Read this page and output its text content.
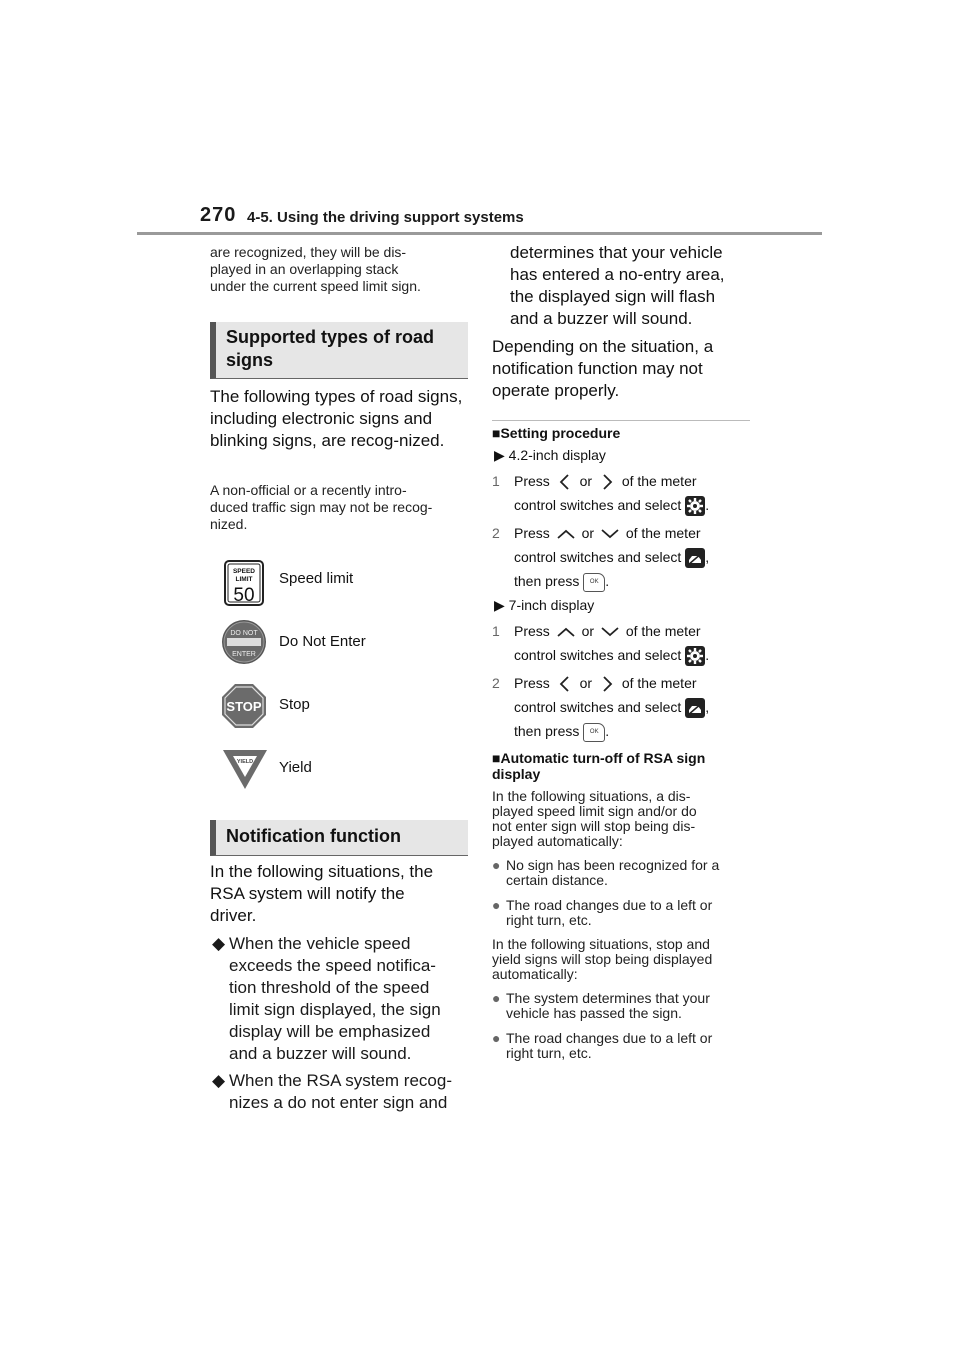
270 4-5. Using the driving support systems
are recognized, they will be dis-
played in an overlapping stack
under the current speed limit sign.
Supported types of road signs
The following types of road signs, including electronic signs and blinking signs, are recog-nized.
A non-official or a recently intro-
duced traffic sign may not be recog-
nized.
SPEED
LIMIT
50
Speed limit
DO NOT
ENTER
Do Not Enter
STOP Stop
YIELD Yield
Notification function
In the following situations, the
RSA system will notify the
driver.
◆ When the vehicle speed
exceeds the speed notifica-
tion threshold of the speed
limit sign displayed, the sign
display will be emphasized
and a buzzer will sound.
◆ When the RSA system recog-
nizes a do not enter sign and
determines that your vehicle
has entered a no-entry area,
the displayed sign will flash
and a buzzer will sound.
Depending on the situation, a
notification function may not
operate properly.
■Setting procedure
▶ 4.2-inch display
1 Press or of the meter
control switches and select .
2 Press or of the meter
control switches and select ,
then press OK .
▶ 7-inch display
1 Press or of the meter
control switches and select .
2 Press or of the meter
control switches and select ,
then press OK .
■Automatic turn-off of RSA sign
display
In the following situations, a dis-
played speed limit sign and/or do
not enter sign will stop being dis-
played automatically:
● No sign has been recognized for a
certain distance.
● The road changes due to a left or
right turn, etc.
In the following situations, stop and
yield signs will stop being displayed
automatically:
● The system determines that your
vehicle has passed the sign.
● The road changes due to a left or
right turn, etc.
